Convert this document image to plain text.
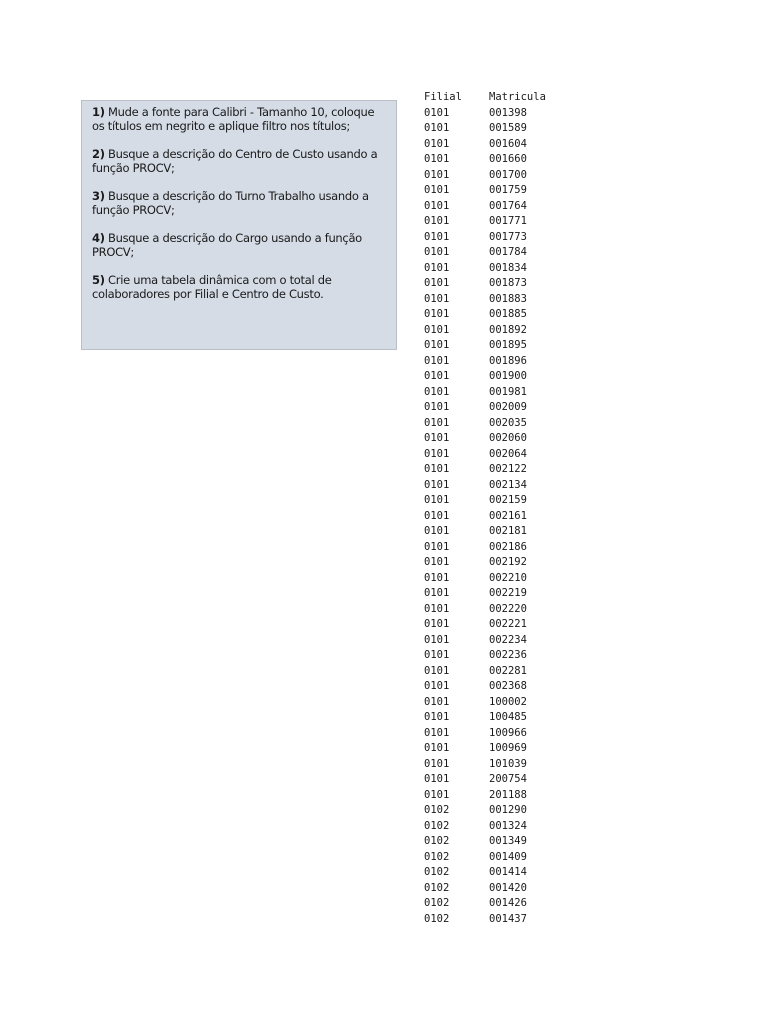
1) Mude a fonte para Calibri - Tamanho 10, coloque os títulos em negrito e aplique filtro nos títulos;
2) Busque a descrição do Centro de Custo usando a função PROCV;
3) Busque a descrição do Turno Trabalho usando a função PROCV;
4) Busque a descrição do Cargo usando a função PROCV;
5) Crie uma tabela dinâmica com o total de colaboradores por Filial e Centro de Custo.
Filial	Matricula
0101	001398
0101	001589
0101	001604
0101	001660
0101	001700
0101	001759
0101	001764
0101	001771
0101	001773
0101	001784
0101	001834
0101	001873
0101	001883
0101	001885
0101	001892
0101	001895
0101	001896
0101	001900
0101	001981
0101	002009
0101	002035
0101	002060
0101	002064
0101	002122
0101	002134
0101	002159
0101	002161
0101	002181
0101	002186
0101	002192
0101	002210
0101	002219
0101	002220
0101	002221
0101	002234
0101	002236
0101	002281
0101	002368
0101	100002
0101	100485
0101	100966
0101	100969
0101	101039
0101	200754
0101	201188
0102	001290
0102	001324
0102	001349
0102	001409
0102	001414
0102	001420
0102	001426
0102	001437
